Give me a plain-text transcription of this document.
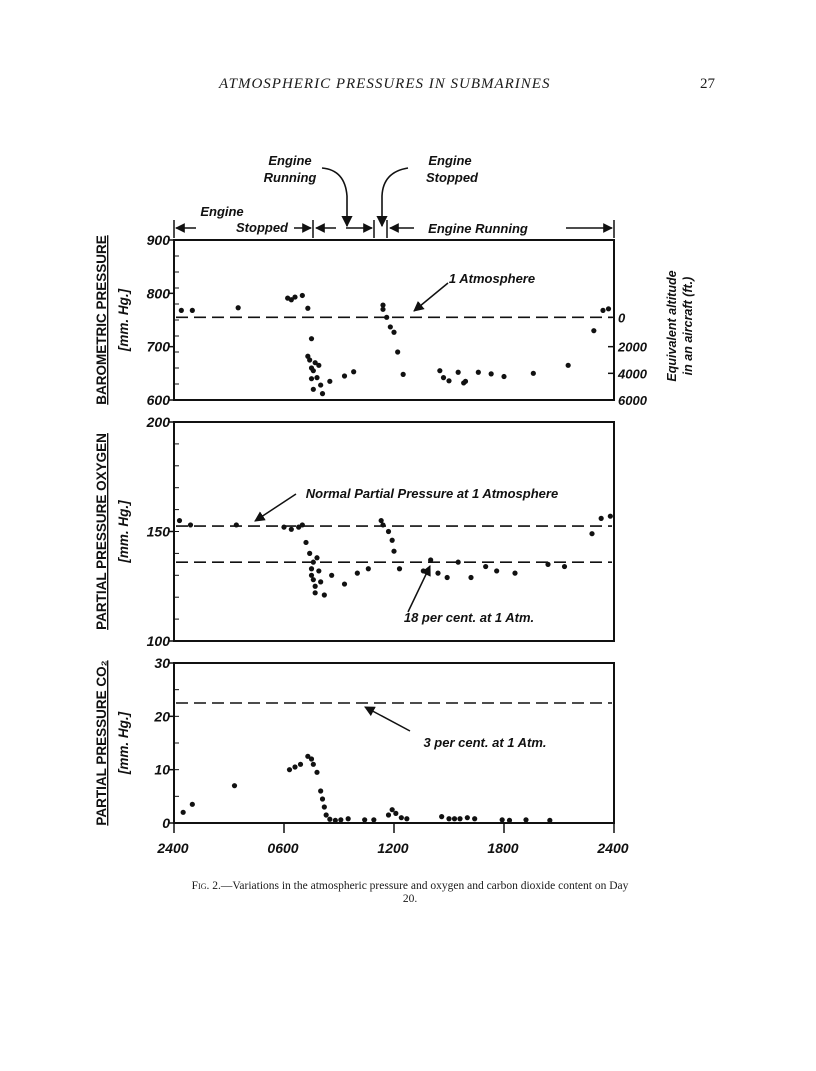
ATMOSPHERIC PRESSURES IN SUBMARINES	27
Engine
Running
Engine
Stopped
Engine
Stopped	Engine Running
600
700
800
900
BAROMETRIC PRESSURE [mm. Hg.]	0
2000
4000
6000
Equivalent altitude in an aircraft (ft.)
1 Atmosphere
100
150
200
PARTIAL PRESSURE OXYGEN [mm. Hg.]
Normal Partial Pressure at 1 Atmosphere
18 per cent. at 1 Atm.
0
10
20
30
PARTIAL PRESSURE CO₂ [mm. Hg.]
2400	0600	1200	1800	2400
3 per cent. at 1 Atm.
Fig. 2.—Variations in the atmospheric pressure and oxygen and carbon dioxide content on Day 20.
